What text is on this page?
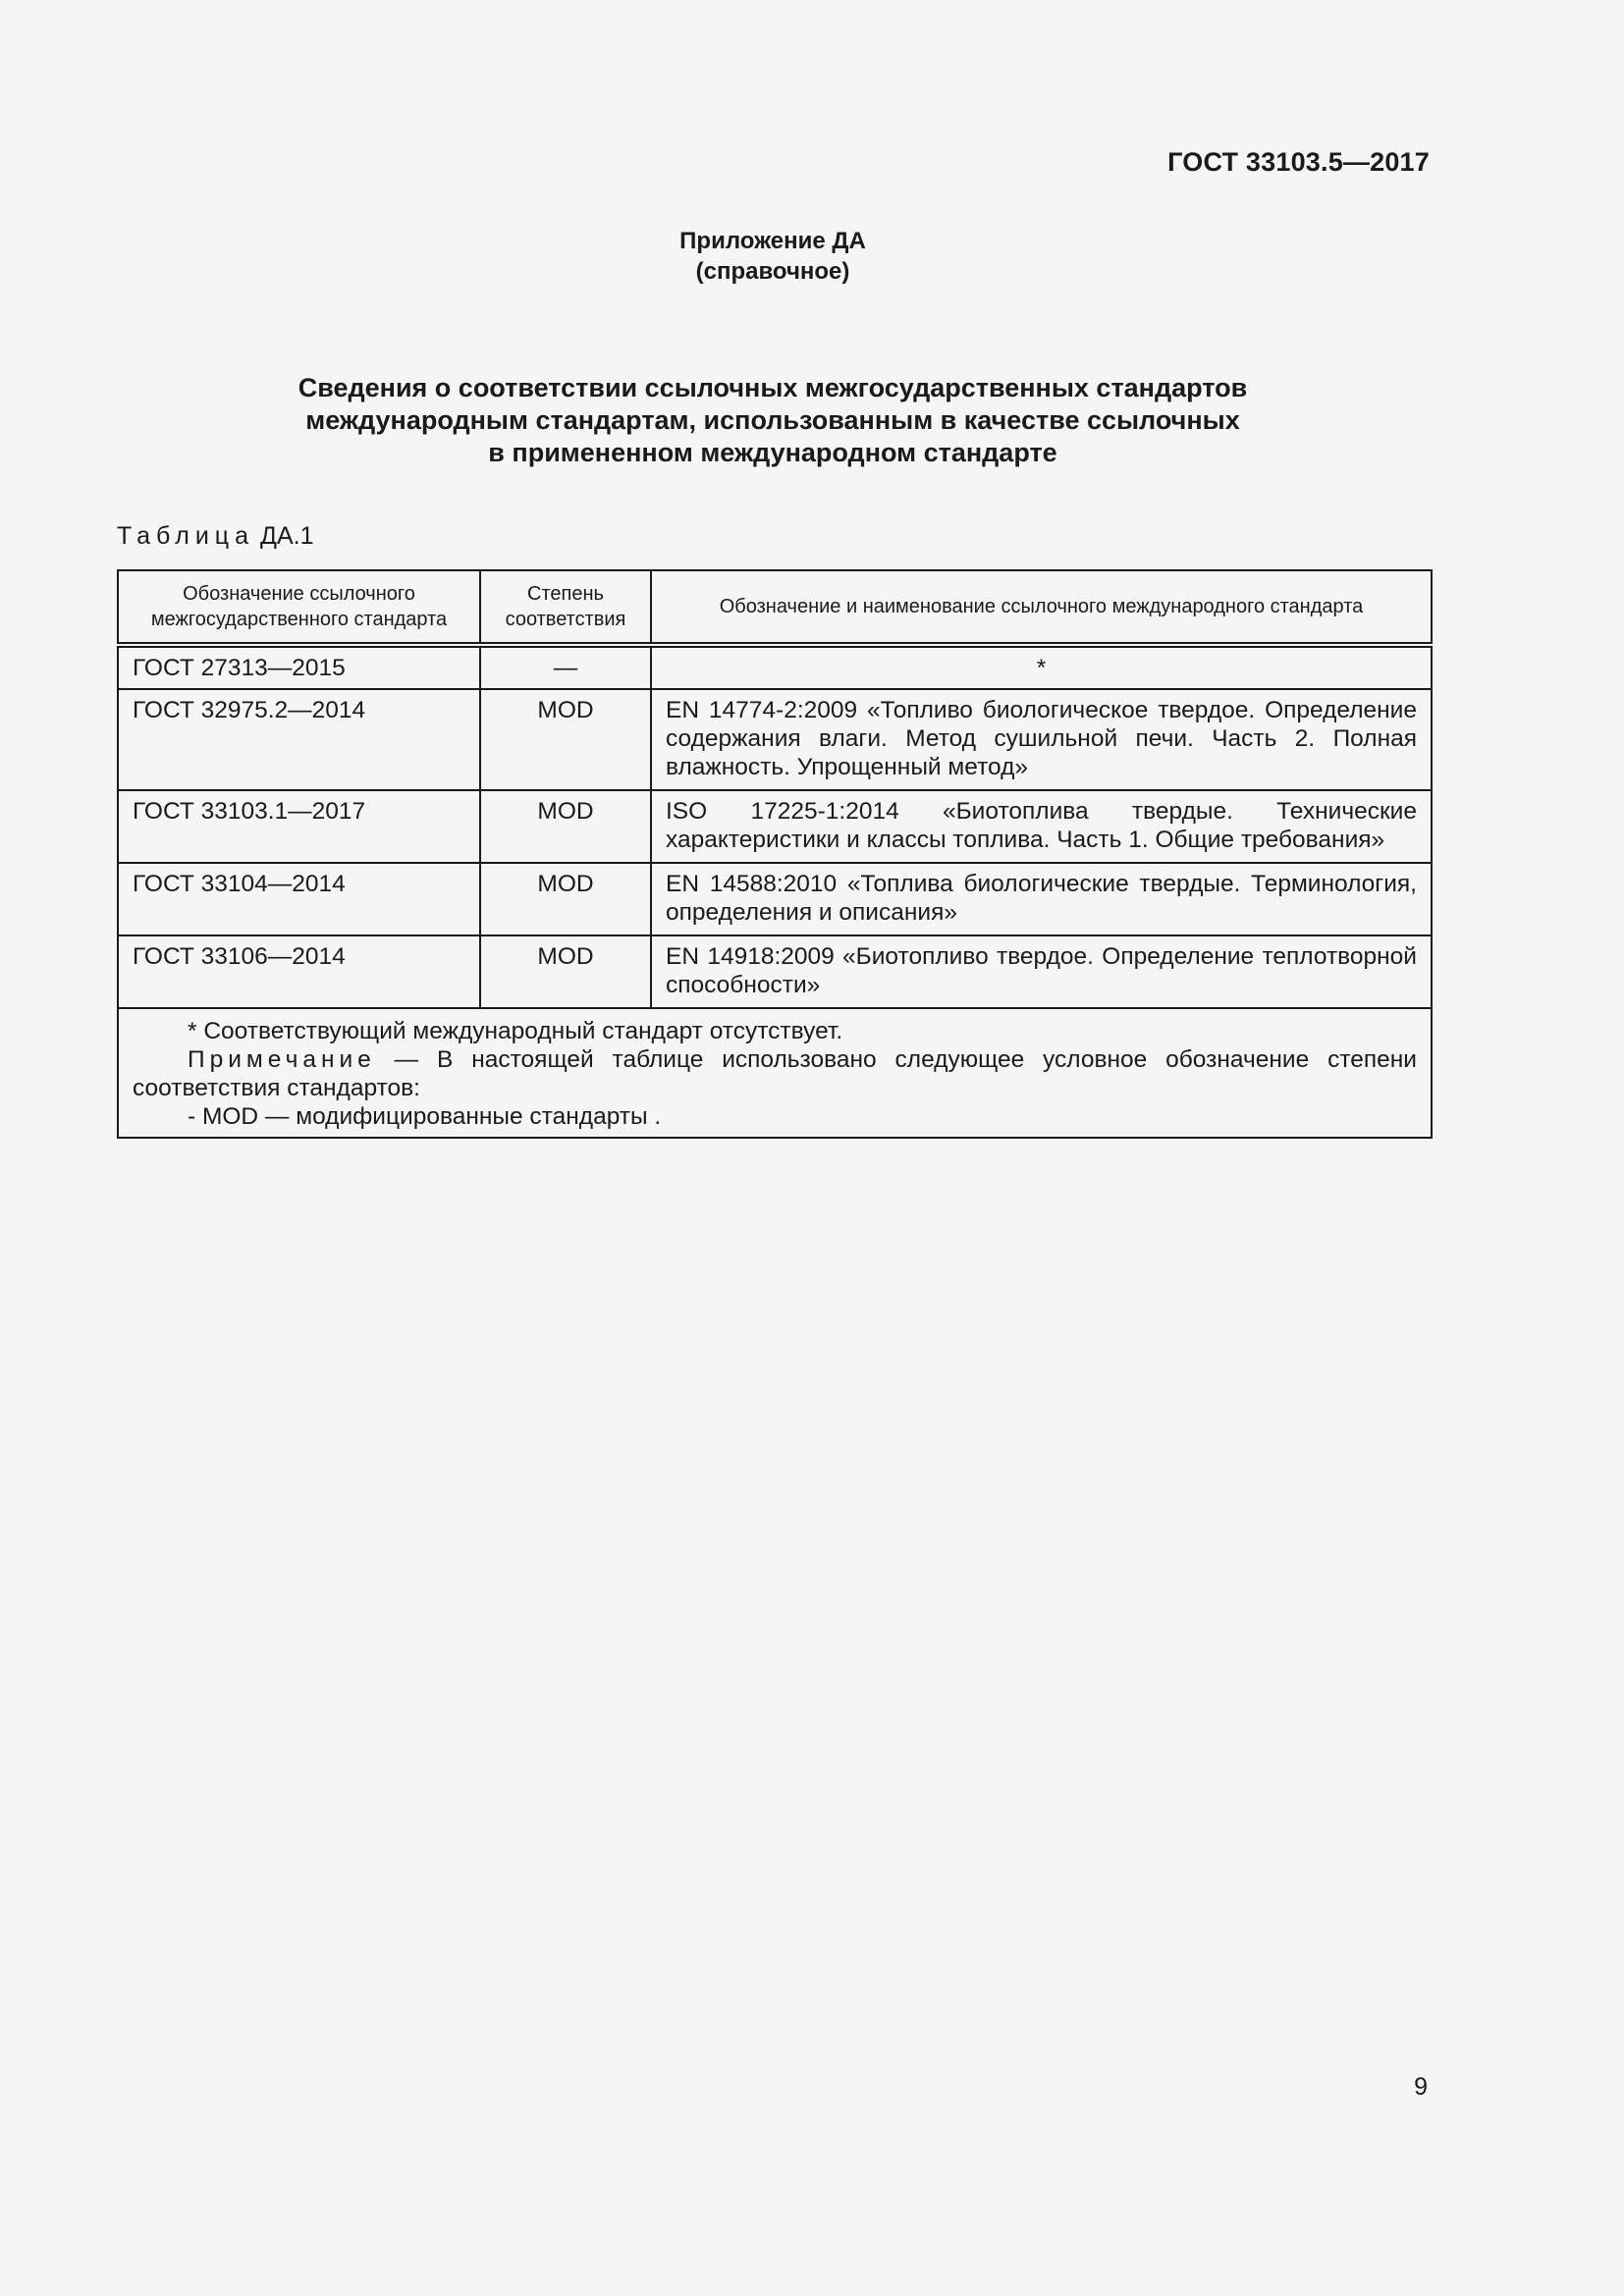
ГОСТ 33103.5—2017
Приложение ДА
(справочное)
Сведения о соответствии ссылочных межгосударственных стандартов
международным стандартам, использованным в качестве ссылочных
в примененном международном стандарте
Таблица ДА.1
Обозначение ссылочного межгосударственного стандарта	Степень соответствия	Обозначение и наименование ссылочного международного стандарта
ГОСТ 27313—2015	—	*
ГОСТ 32975.2—2014	MOD	EN 14774-2:2009 «Топливо биологическое твердое. Определение содержания влаги. Метод сушильной печи. Часть 2. Полная влажность. Упрощенный метод»
ГОСТ 33103.1—2017	MOD	ISO 17225-1:2014 «Биотоплива твердые. Технические характеристики и классы топлива. Часть 1. Общие требования»
ГОСТ 33104—2014	MOD	EN 14588:2010 «Топлива биологические твердые. Терминология, определения и описания»
ГОСТ 33106—2014	MOD	EN 14918:2009 «Биотопливо твердое. Определение теплотворной способности»

* Соответствующий международный стандарт отсутствует.

Примечание — В настоящей таблице использовано следующее условное обозначение степени соответствия стандартов:

- MOD — модифицированные стандарты .		

9
